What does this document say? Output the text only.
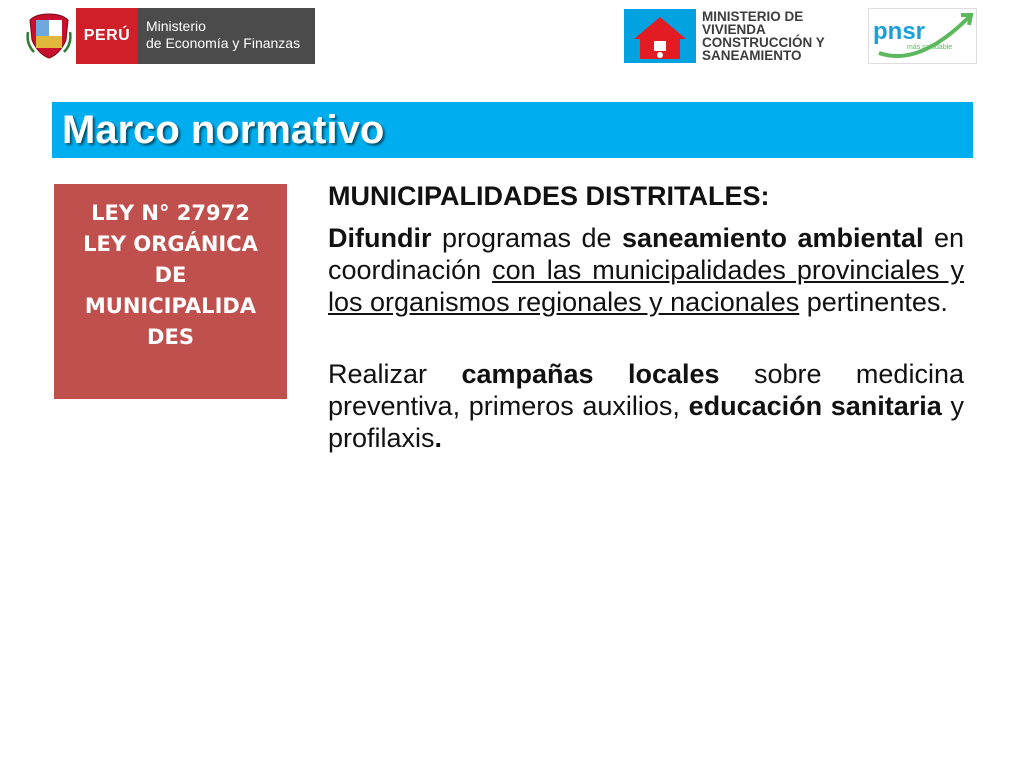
PERÚ
Ministerio
de Economía y Finanzas
MINISTERIO DE
VIVIENDA
CONSTRUCCIÓN Y
SANEAMIENTO
pnsr
más saludable
Marco normativo
LEY N° 27972
LEY ORGÁNICA
DE
MUNICIPALIDA
DES

MUNICIPALIDADES DISTRITALES:

Difundir programas de saneamiento ambiental en coordinación con las municipalidades provinciales y los organismos regionales y nacionales pertinentes.

Realizar campañas locales sobre medicina preventiva, primeros auxilios, educación sanitaria y profilaxis.
